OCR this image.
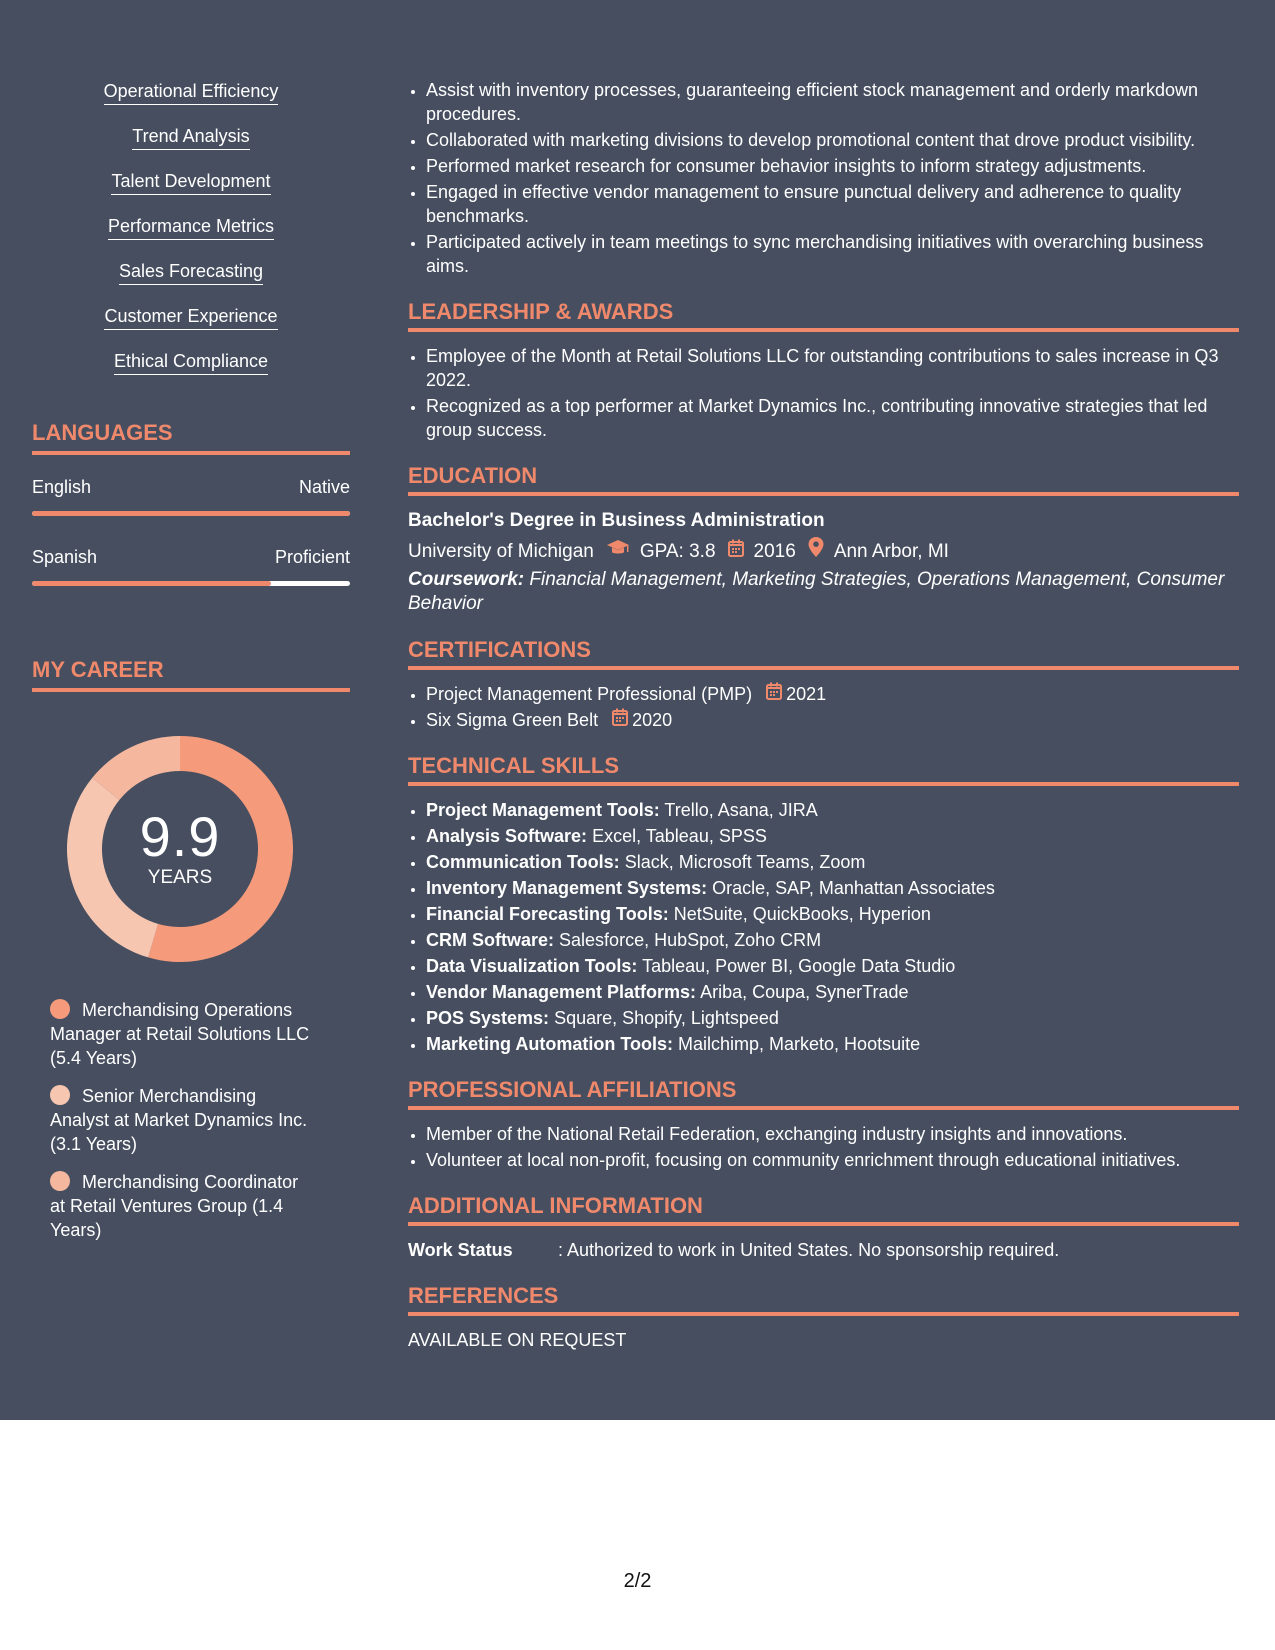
Operational Efficiency
Trend Analysis
Talent Development
Performance Metrics
Sales Forecasting
Customer Experience
Ethical Compliance
LANGUAGES
English	Native
Spanish	Proficient
MY CAREER
9.9
YEARS
Merchandising Operations Manager at Retail Solutions LLC (5.4 Years)
Senior Merchandising Analyst at Market Dynamics Inc. (3.1 Years)
Merchandising Coordinator at Retail Ventures Group (1.4 Years)
• Assist with inventory processes, guaranteeing efficient stock management and orderly markdown procedures.
• Collaborated with marketing divisions to develop promotional content that drove product visibility.
• Performed market research for consumer behavior insights to inform strategy adjustments.
• Engaged in effective vendor management to ensure punctual delivery and adherence to quality benchmarks.
• Participated actively in team meetings to sync merchandising initiatives with overarching business aims.
LEADERSHIP & AWARDS
• Employee of the Month at Retail Solutions LLC for outstanding contributions to sales increase in Q3 2022.
• Recognized as a top performer at Market Dynamics Inc., contributing innovative strategies that led group success.
EDUCATION
Bachelor's Degree in Business Administration
University of Michigan GPA: 3.8 2016 Ann Arbor, MI
Coursework: Financial Management, Marketing Strategies, Operations Management, Consumer Behavior
CERTIFICATIONS
• Project Management Professional (PMP) 2021
• Six Sigma Green Belt 2020
TECHNICAL SKILLS
• Project Management Tools: Trello, Asana, JIRA
• Analysis Software: Excel, Tableau, SPSS
• Communication Tools: Slack, Microsoft Teams, Zoom
• Inventory Management Systems: Oracle, SAP, Manhattan Associates
• Financial Forecasting Tools: NetSuite, QuickBooks, Hyperion
• CRM Software: Salesforce, HubSpot, Zoho CRM
• Data Visualization Tools: Tableau, Power BI, Google Data Studio
• Vendor Management Platforms: Ariba, Coupa, SynerTrade
• POS Systems: Square, Shopify, Lightspeed
• Marketing Automation Tools: Mailchimp, Marketo, Hootsuite
PROFESSIONAL AFFILIATIONS
• Member of the National Retail Federation, exchanging industry insights and innovations.
• Volunteer at local non-profit, focusing on community enrichment through educational initiatives.
ADDITIONAL INFORMATION
Work Status	: Authorized to work in United States. No sponsorship required.
REFERENCES
AVAILABLE ON REQUEST
2/2
